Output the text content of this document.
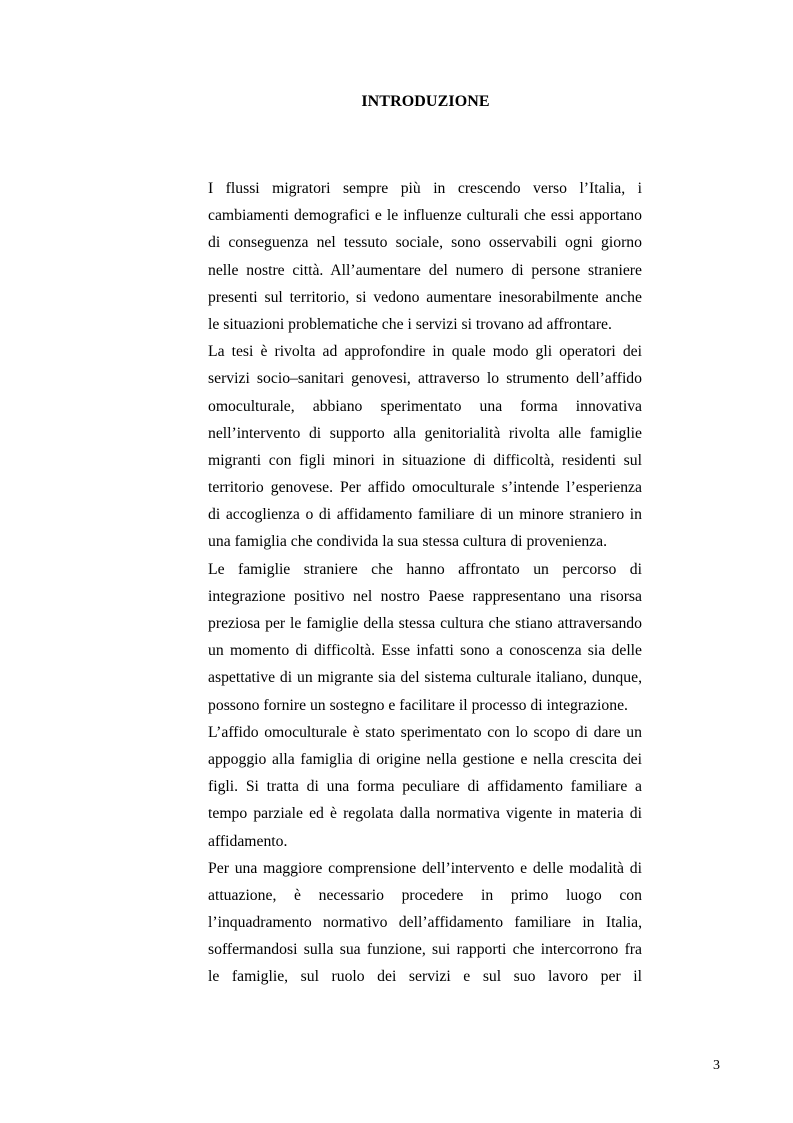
INTRODUZIONE
I flussi migratori sempre più in crescendo verso l’Italia, i
cambiamenti demografici e le influenze culturali che essi apportano
di conseguenza nel tessuto sociale, sono osservabili ogni giorno
nelle nostre città. All’aumentare del numero di persone straniere
presenti sul territorio, si vedono aumentare inesorabilmente anche
le situazioni problematiche che i servizi si trovano ad affrontare.
La tesi è rivolta ad approfondire in quale modo gli operatori dei
servizi socio–sanitari genovesi, attraverso lo strumento dell’affido
omoculturale, abbiano sperimentato una forma innovativa
nell’intervento di supporto alla genitorialità rivolta alle famiglie
migranti con figli minori in situazione di difficoltà, residenti sul
territorio genovese. Per affido omoculturale s’intende l’esperienza
di accoglienza o di affidamento familiare di un minore straniero in
una famiglia che condivida la sua stessa cultura di provenienza.
Le famiglie straniere che hanno affrontato un percorso di
integrazione positivo nel nostro Paese rappresentano una risorsa
preziosa per le famiglie della stessa cultura che stiano attraversando
un momento di difficoltà. Esse infatti sono a conoscenza sia delle
aspettative di un migrante sia del sistema culturale italiano, dunque,
possono fornire un sostegno e facilitare il processo di integrazione.
L’affido omoculturale è stato sperimentato con lo scopo di dare un
appoggio alla famiglia di origine nella gestione e nella crescita dei
figli. Si tratta di una forma peculiare di affidamento familiare a
tempo parziale ed è regolata dalla normativa vigente in materia di
affidamento.
Per una maggiore comprensione dell’intervento e delle modalità di
attuazione, è necessario procedere in primo luogo con
l’inquadramento normativo dell’affidamento familiare in Italia,
soffermandosi sulla sua funzione, sui rapporti che intercorrono fra
le famiglie, sul ruolo dei servizi e sul suo lavoro per il
3
